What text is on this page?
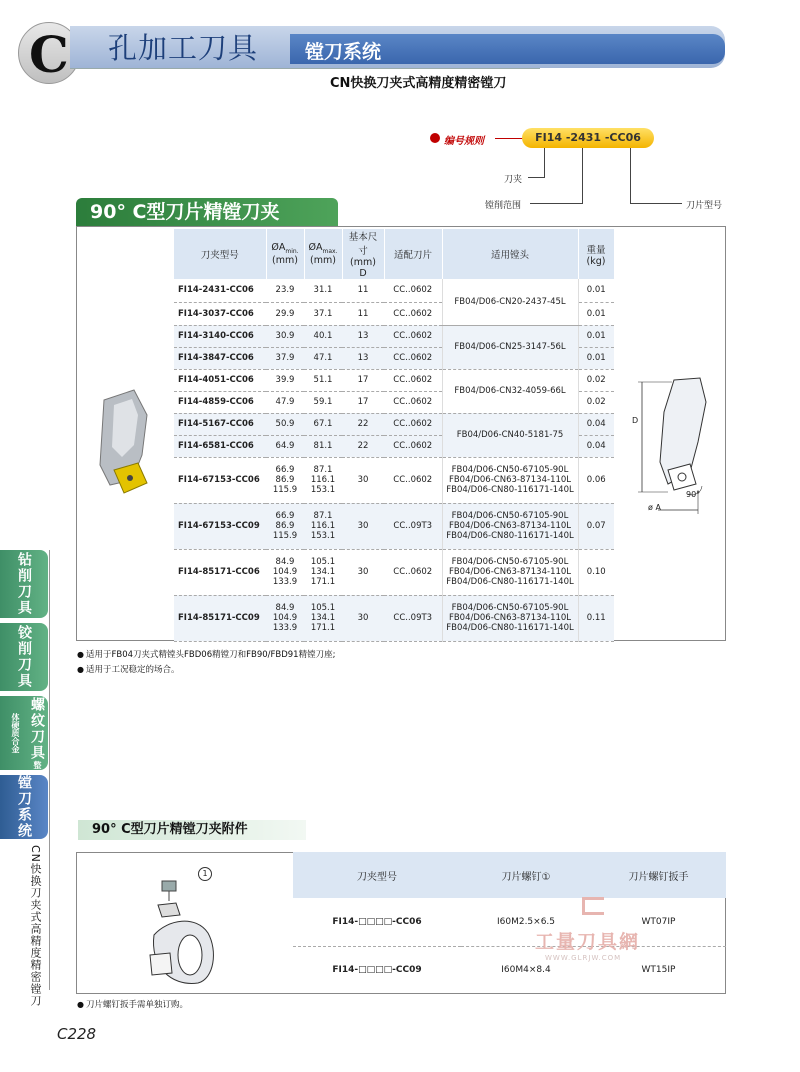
C 孔加工刀具 镗刀系统
CN快换刀夹式高精度精密镗刀
编号规则	FI14 -2431 -CC06
刀夹
镗削范围	刀片型号
90° C型刀片精镗刀夹
刀夹型号	$ØA_{min.}$
(mm)	$ØA_{max.}$
(mm)	基本尺寸
(mm)
D	适配刀片	适用镗头	重量
(kg)
FI14-2431-CC06	23.9	31.1	11	CC..0602	FB04/D06-CN20-2437-45L	0.01
FI14-3037-CC06	29.9	37.1	11	CC..0602		0.01
FI14-3140-CC06	30.9	40.1	13	CC..0602	FB04/D06-CN25-3147-56L	0.01
FI14-3847-CC06	37.9	47.1	13	CC..0602		0.01
FI14-4051-CC06	39.9	51.1	17	CC..0602	FB04/D06-CN32-4059-66L	0.02
FI14-4859-CC06	47.9	59.1	17	CC..0602		0.02
FI14-5167-CC06	50.9	67.1	22	CC..0602	FB04/D06-CN40-5181-75	0.04
FI14-6581-CC06	64.9	81.1	22	CC..0602		0.04
FI14-67153-CC06	66.9
86.9
115.9	87.1
116.1
153.1	30	CC..0602	FB04/D06-CN50-67105-90L
FB04/D06-CN63-87134-110L
FB04/D06-CN80-116171-140L	0.06
FI14-67153-CC09	66.9
86.9
115.9	87.1
116.1
153.1	30	CC..09T3	FB04/D06-CN50-67105-90L
FB04/D06-CN63-87134-110L
FB04/D06-CN80-116171-140L	0.07
FI14-85171-CC06	84.9
104.9
133.9	105.1
134.1
171.1	30	CC..0602	FB04/D06-CN50-67105-90L
FB04/D06-CN63-87134-110L
FB04/D06-CN80-116171-140L	0.10
FI14-85171-CC09	84.9
104.9
133.9	105.1
134.1
171.1	30	CC..09T3	FB04/D06-CN50-67105-90L
FB04/D06-CN63-87134-110L
FB04/D06-CN80-116171-140L	0.11
D
90°
ø A
● 适用于FB04刀夹式精镗头FBD06精镗刀和FB90/FBD91精镗刀座;
● 适用于工况稳定的场合。
钻削刀具
铰削刀具
螺纹刀具整体硬质合金
镗刀系统
CN快换刀夹式高精度精密镗刀
90° C型刀片精镗刀夹附件
1	刀夹型号	刀片螺钉①	刀片螺钉扳手
FI14-□□□□-CC06	I60M2.5×6.5	WT07IP
FI14-□□□□-CC09	I60M4×8.4	WT15IP
工量刀具網
WWW.GLRJW.COM
● 刀片螺钉扳手需单独订购。
C228
